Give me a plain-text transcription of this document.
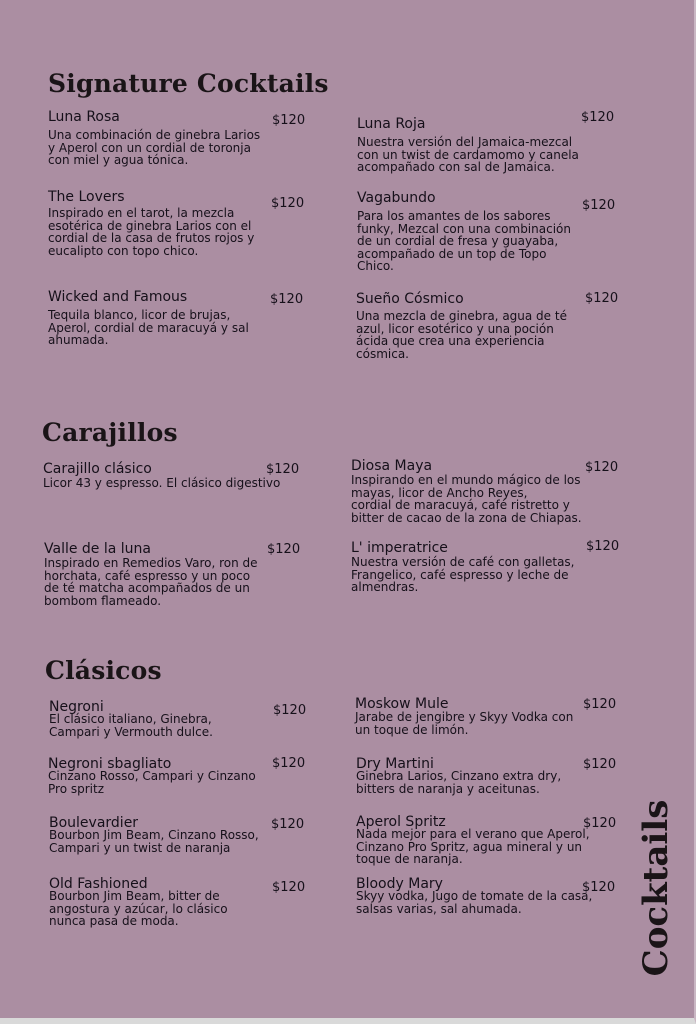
Signature Cocktails
Luna Rosa
Una combinación de ginebra Larios
y Aperol con un cordial de toronja
con miel y agua tónica.
$120	Luna Roja
Nuestra versión del Jamaica-mezcal
con un twist de cardamomo y canela
acompañado con sal de Jamaica.
$120
The Lovers
Inspirado en el tarot, la mezcla
esotérica de ginebra Larios con el
cordial de la casa de frutos rojos y
eucalipto con topo chico.
$120	Vagabundo
Para los amantes de los sabores
funky, Mezcal con una combinación
de un cordial de fresa y guayaba,
acompañado de un top de Topo
Chico.
$120
Wicked and Famous
Tequila blanco, licor de brujas,
Aperol, cordial de maracuyá y sal
ahumada.
$120	Sueño Cósmico
Una mezcla de ginebra, agua de té
azul, licor esotérico y una poción
ácida que crea una experiencia
cósmica.
$120
Carajillos
Carajillo clásico
Licor 43 y espresso. El clásico digestivo
$120	Diosa Maya
Inspirando en el mundo mágico de los
mayas, licor de Ancho Reyes,
cordial de maracuyá, café ristretto y
bitter de cacao de la zona de Chiapas.
$120
Valle de la luna
Inspirado en Remedios Varo, ron de
horchata, café espresso y un poco
de té matcha acompañados de un
bombom flameado.
$120	L' imperatrice
Nuestra versión de café con galletas,
Frangelico, café espresso y leche de
almendras.
$120
Clásicos
Negroni
El clásico italiano, Ginebra,
Campari y Vermouth dulce.
$120	Moskow Mule
Jarabe de jengibre y Skyy Vodka con
un toque de limón.
$120
Negroni sbagliato
Cinzano Rosso, Campari y Cinzano
Pro spritz
$120	Dry Martini
Ginebra Larios, Cinzano extra dry,
bitters de naranja y aceitunas.
$120
Boulevardier
Bourbon Jim Beam, Cinzano Rosso,
Campari y un twist de naranja
$120	Aperol Spritz
Nada mejor para el verano que Aperol,
Cinzano Pro Spritz, agua mineral y un
toque de naranja.
$120
Old Fashioned
Bourbon Jim Beam, bitter de
angostura y azúcar, lo clásico
nunca pasa de moda.
$120	Bloody Mary
Skyy vodka, Jugo de tomate de la casa,
salsas varias, sal ahumada.
$120 Cocktails
